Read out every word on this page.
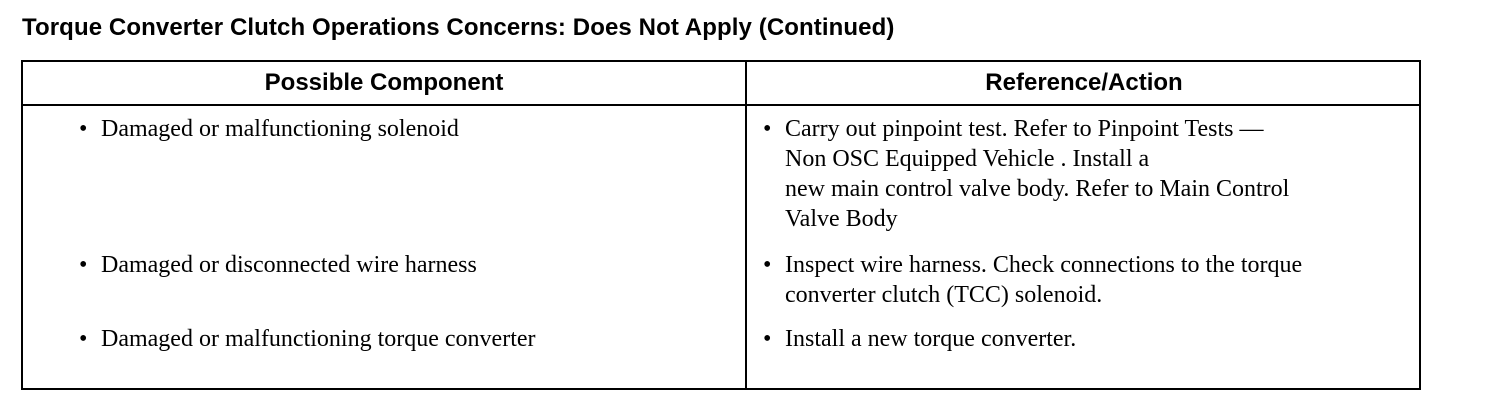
Torque Converter Clutch Operations Concerns: Does Not Apply (Continued)
Possible Component	Reference/Action
• Damaged or malfunctioning solenoid	• Carry out pinpoint test. Refer to Pinpoint Tests —
Non OSC Equipped Vehicle . Install a
new main control valve body. Refer to Main Control
Valve Body
• Damaged or disconnected wire harness	• Inspect wire harness. Check connections to the torque
converter clutch (TCC) solenoid.
• Damaged or malfunctioning torque converter	• Install a new torque converter.
